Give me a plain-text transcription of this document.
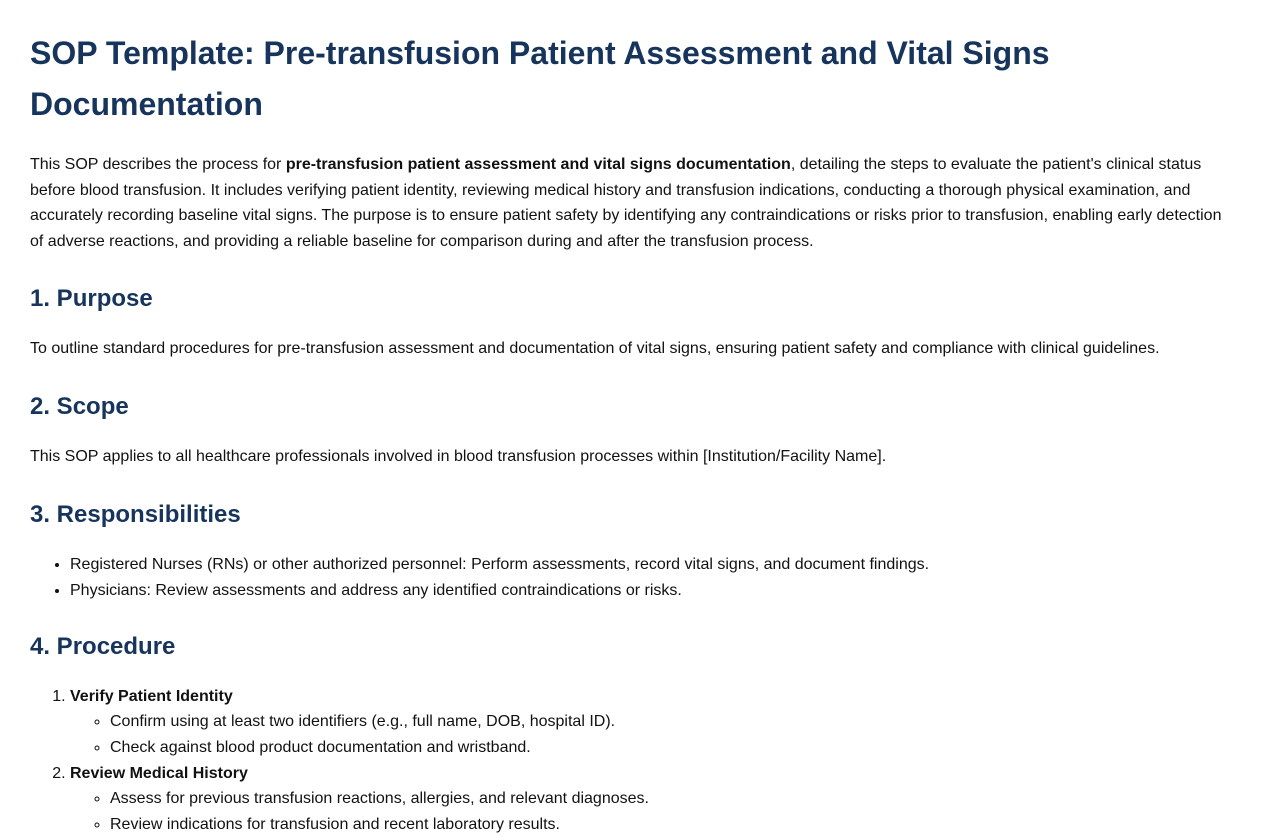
SOP Template: Pre-transfusion Patient Assessment and Vital Signs Documentation

This SOP describes the process for pre-transfusion patient assessment and vital signs documentation, detailing the steps to evaluate the patient's clinical status before blood transfusion. It includes verifying patient identity, reviewing medical history and transfusion indications, conducting a thorough physical examination, and accurately recording baseline vital signs. The purpose is to ensure patient safety by identifying any contraindications or risks prior to transfusion, enabling early detection of adverse reactions, and providing a reliable baseline for comparison during and after the transfusion process.

1. Purpose

To outline standard procedures for pre-transfusion assessment and documentation of vital signs, ensuring patient safety and compliance with clinical guidelines.

2. Scope

This SOP applies to all healthcare professionals involved in blood transfusion processes within [Institution/Facility Name].

3. Responsibilities
• Registered Nurses (RNs) or other authorized personnel: Perform assessments, record vital signs, and document findings.
• Physicians: Review assessments and address any identified contraindications or risks.
4. Procedure
1. Verify Patient Identity
◦ Confirm using at least two identifiers (e.g., full name, DOB, hospital ID).
◦ Check against blood product documentation and wristband.
2. Review Medical History
◦ Assess for previous transfusion reactions, allergies, and relevant diagnoses.
◦ Review indications for transfusion and recent laboratory results.
